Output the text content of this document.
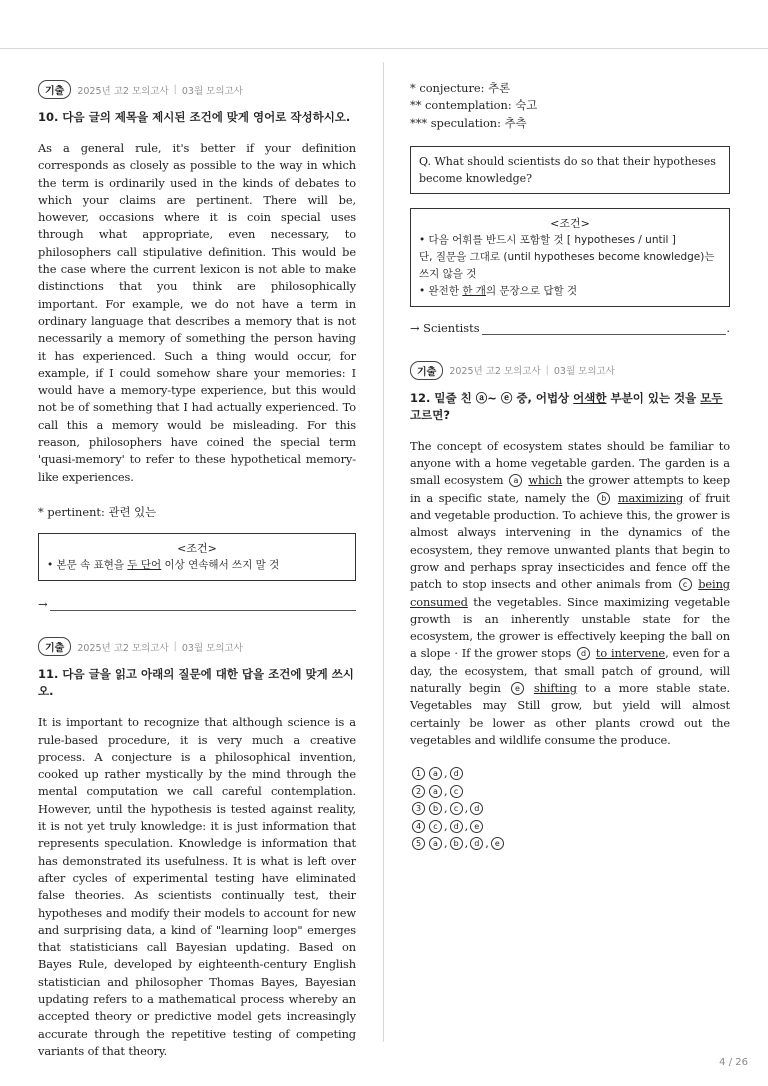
기출	2025년 고2 모의고사 | 03월 모의고사
10. 다음 글의 제목을 제시된 조건에 맞게 영어로 작성하시오.

As a general rule, it's better if your definition corresponds as closely as possible to the way in which the term is ordinarily used in the kinds of debates to which your claims are pertinent. There will be, however, occasions where it is coin special uses through what appropriate, even necessary, to philosophers call stipulative definition. This would be the case where the current lexicon is not able to make distinctions that you think are philosophically important. For example, we do not have a term in ordinary language that describes a memory that is not necessarily a memory of something the person having it has experienced. Such a thing would occur, for example, if I could somehow share your memories: I would have a memory-type experience, but this would not be of something that I had actually experienced. To call this a memory would be misleading. For this reason, philosophers have coined the special term 'quasi-memory' to refer to these hypothetical memory-like experiences.

* pertinent: 관련 있는

<조건>
• 본문 속 표현을 두 단어 이상 연속해서 쓰지 말 것

→

기출	2025년 고2 모의고사 | 03월 모의고사
11. 다음 글을 읽고 아래의 질문에 대한 답을 조건에 맞게 쓰시오.

It is important to recognize that although science is a rule-based procedure, it is very much a creative process. A conjecture is a philosophical invention, cooked up rather mystically by the mind through the mental computation we call careful contemplation. However, until the hypothesis is tested against reality, it is not yet truly knowledge: it is just information that represents speculation. Knowledge is information that has demonstrated its usefulness. It is what is left over after cycles of experimental testing have eliminated false theories. As scientists continually test, their hypotheses and modify their models to account for new and surprising data, a kind of "learning loop" emerges that statisticians call Bayesian updating. Based on Bayes Rule, developed by eighteenth-century English statistician and philosopher Thomas Bayes, Bayesian updating refers to a mathematical process whereby an accepted theory or predictive model gets increasingly accurate through the repetitive testing of competing variants of that theory.

* conjecture: 추론

** contemplation: 숙고

*** speculation: 추측

Q. What should scientists do so that their hypotheses become knowledge?
<조건>
• 다음 어휘를 반드시 포함할 것 [ hypotheses / until ]
단, 질문을 그대로 (until hypotheses become knowledge)는 쓰지 않을 것
• 완전한 한 개의 문장으로 답할 것

→ Scientists	.

기출	2025년 고2 모의고사 | 03월 모의고사
12. 밑줄 친 ⓐ~ ⓔ 중, 어법상 어색한 부분이 있는 것을 모두 고르면?

The concept of ecosystem states should be familiar to anyone with a home vegetable garden. The garden is a small ecosystem a which the grower attempts to keep in a specific state, namely the b maximizing of fruit and vegetable production. To achieve this, the grower is almost always intervening in the dynamics of the ecosystem, they remove unwanted plants that begin to grow and perhaps spray insecticides and fence off the patch to stop insects and other animals from c being consumed the vegetables. Since maximizing vegetable growth is an inherently unstable state for the ecosystem, the grower is effectively keeping the ball on a slope · If the grower stops d to intervene, even for a day, the ecosystem, that small patch of ground, will naturally begin e shifting to a more stable state. Vegetables may Still grow, but yield will almost certainly be lower as other plants crowd out the vegetables and wildlife consume the produce.

1 a , d
2 a , c
3 b , c , d
4 c , d , e
5 a , b , d , e
4 / 26
